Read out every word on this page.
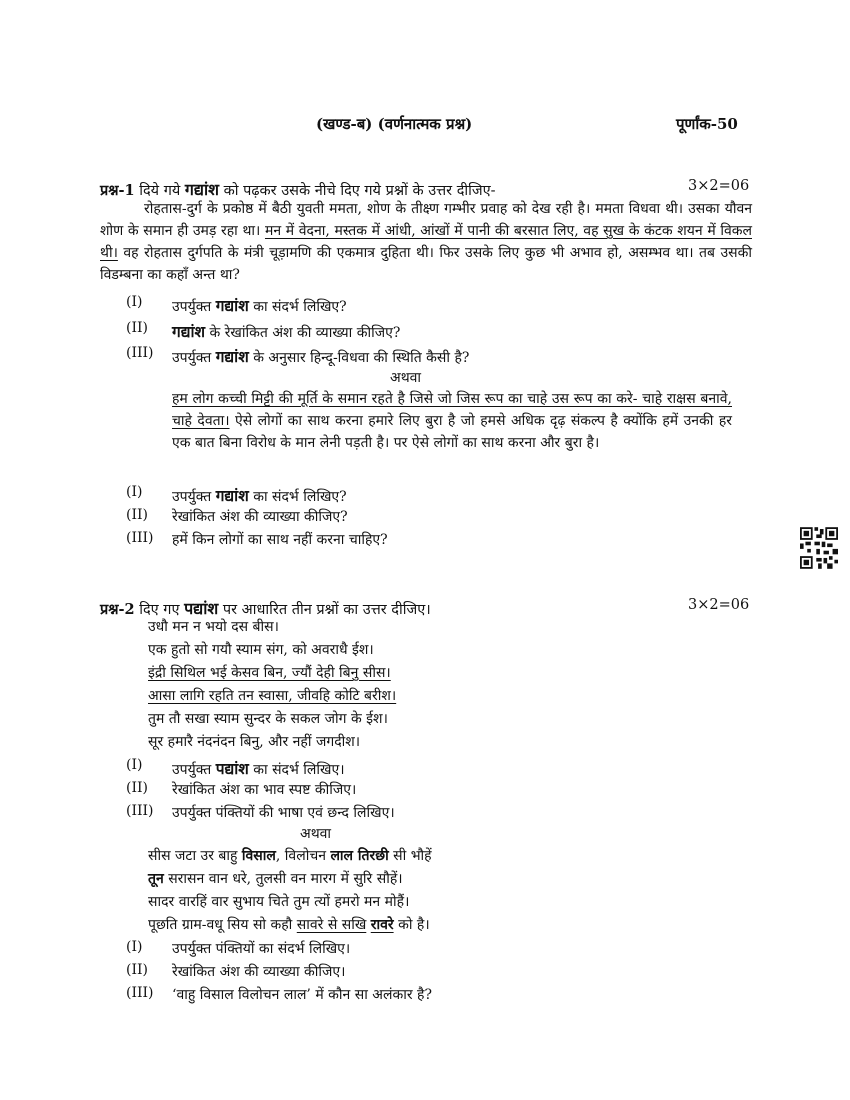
(खण्ड-ब) (वर्णनात्मक प्रश्न)	पूर्णांक-50
प्रश्न-1 दिये गये गद्यांश को पढ़कर उसके नीचे दिए गये प्रश्नों के उत्तर दीजिए-	3×2=06
रोहतास-दुर्ग के प्रकोष्ठ में बैठी युवती ममता, शोण के तीक्ष्ण गम्भीर प्रवाह को देख रही है। ममता विधवा थी। उसका यौवन शोण के समान ही उमड़ रहा था। मन में वेदना, मस्तक में आंधी, आंखों में पानी की बरसात लिए, वह सुख के कंटक शयन में विकल थी। वह रोहतास दुर्गपति के मंत्री चूड़ामणि की एकमात्र दुहिता थी। फिर उसके लिए कुछ भी अभाव हो, असम्भव था। तब उसकी विडम्बना का कहाँ अन्त था?
(I) उपर्युक्त गद्यांश का संदर्भ लिखिए?
(II) गद्यांश के रेखांकित अंश की व्याख्या कीजिए?
(III) उपर्युक्त गद्यांश के अनुसार हिन्दू-विधवा की स्थिति कैसी है?
अथवा
हम लोग कच्ची मिट्टी की मूर्ति के समान रहते है जिसे जो जिस रूप का चाहे उस रूप का करे- चाहे राक्षस बनावे, चाहे देवता। ऐसे लोगों का साथ करना हमारे लिए बुरा है जो हमसे अधिक दृढ़ संकल्प है क्योंकि हमें उनकी हर एक बात बिना विरोध के मान लेनी पड़ती है। पर ऐसे लोगों का साथ करना और बुरा है।
(I) उपर्युक्त गद्यांश का संदर्भ लिखिए?
(II) रेखांकित अंश की व्याख्या कीजिए?
(III) हमें किन लोगों का साथ नहीं करना चाहिए?
प्रश्न-2 दिए गए पद्यांश पर आधारित तीन प्रश्नों का उत्तर दीजिए।	3×2=06
उधौ मन न भयो दस बीस।
एक हुतो सो गयौ स्याम संग, को अवराधै ईश।
इंद्री सिथिल भई केसव बिन, ज्यौं देही बिनु सीस।
आसा लागि रहति तन स्वासा, जीवहि कोटि बरीश।
तुम तौ सखा स्याम सुन्दर के सकल जोग के ईश।
सूर हमारै नंदनंदन बिनु, और नहीं जगदीश।
(I) उपर्युक्त पद्यांश का संदर्भ लिखिए।
(II) रेखांकित अंश का भाव स्पष्ट कीजिए।
(III) उपर्युक्त पंक्तियों की भाषा एवं छन्द लिखिए।
अथवा
सीस जटा उर बाहु विसाल, विलोचन लाल तिरछी सी भौहें
तून सरासन वान धरे, तुलसी वन मारग में सुरि सौहें।
सादर वारहिं वार सुभाय चिते तुम त्यों हमरो मन मोहैं।
पूछति ग्राम-वधू सिय सो कहौ सावरे से सखि रावरे को है।
(I) उपर्युक्त पंक्तियों का संदर्भ लिखिए।
(II) रेखांकित अंश की व्याख्या कीजिए।
(III) ‘वाहु विसाल विलोचन लाल’ में कौन सा अलंकार है?
